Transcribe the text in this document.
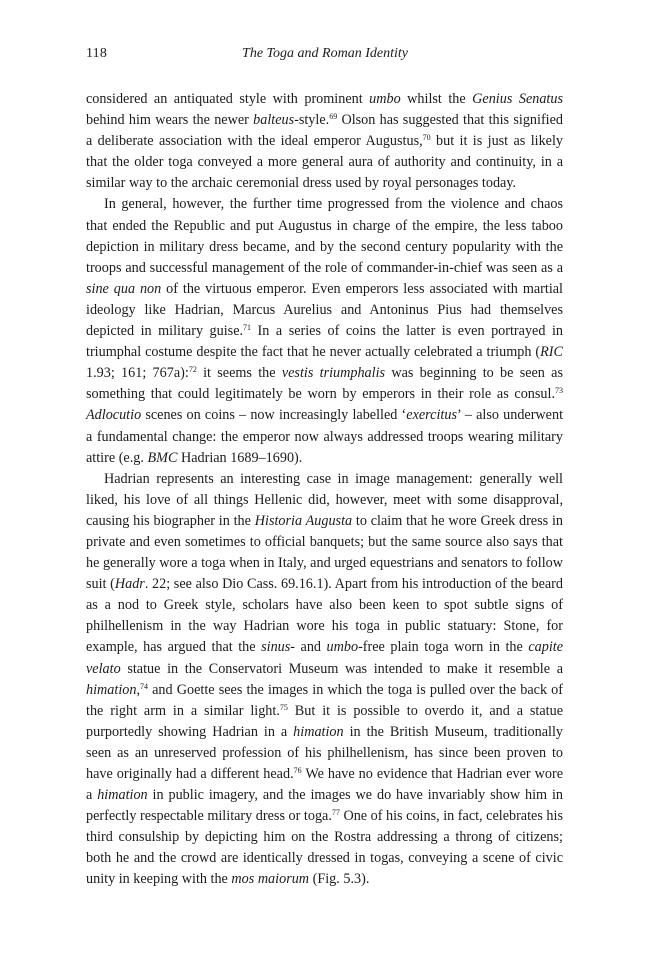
118	The Toga and Roman Identity

considered an antiquated style with prominent umbo whilst the Genius Senatus behind him wears the newer balteus-style.$^{69}$ Olson has suggested that this signified a deliberate association with the ideal emperor Augustus,$^{70}$ but it is just as likely that the older toga conveyed a more general aura of authority and continuity, in a similar way to the archaic ceremonial dress used by royal personages today.

In general, however, the further time progressed from the violence and chaos that ended the Republic and put Augustus in charge of the empire, the less taboo depiction in military dress became, and by the second century popularity with the troops and successful management of the role of commander-in-chief was seen as a sine qua non of the virtuous emperor. Even emperors less associated with martial ideology like Hadrian, Marcus Aurelius and Antoninus Pius had themselves depicted in military guise.$^{71}$ In a series of coins the latter is even portrayed in triumphal costume despite the fact that he never actually celebrated a triumph (RIC 1.93; 161; 767a):$^{72}$ it seems the vestis triumphalis was beginning to be seen as something that could legitimately be worn by emperors in their role as consul.$^{73}$ Adlocutio scenes on coins – now increasingly labelled ‘exercitus’ – also underwent a fundamental change: the emperor now always addressed troops wearing military attire (e.g. BMC Hadrian 1689–1690).

Hadrian represents an interesting case in image management: generally well liked, his love of all things Hellenic did, however, meet with some disapproval, causing his biographer in the Historia Augusta to claim that he wore Greek dress in private and even sometimes to official banquets; but the same source also says that he generally wore a toga when in Italy, and urged equestrians and senators to follow suit (Hadr. 22; see also Dio Cass. 69.16.1). Apart from his introduction of the beard as a nod to Greek style, scholars have also been keen to spot subtle signs of philhellenism in the way Hadrian wore his toga in public statuary: Stone, for example, has argued that the sinus- and umbo-free plain toga worn in the capite velato statue in the Conservatori Museum was intended to make it resemble a himation,$^{74}$ and Goette sees the images in which the toga is pulled over the back of the right arm in a similar light.$^{75}$ But it is possible to overdo it, and a statue purportedly showing Hadrian in a himation in the British Museum, traditionally seen as an unreserved profession of his philhellenism, has since been proven to have originally had a different head.$^{76}$ We have no evidence that Hadrian ever wore a himation in public imagery, and the images we do have invariably show him in perfectly respectable military dress or toga.$^{77}$ One of his coins, in fact, celebrates his third consulship by depicting him on the Rostra addressing a throng of citizens; both he and the crowd are identically dressed in togas, conveying a scene of civic unity in keeping with the mos maiorum (Fig. 5.3).
